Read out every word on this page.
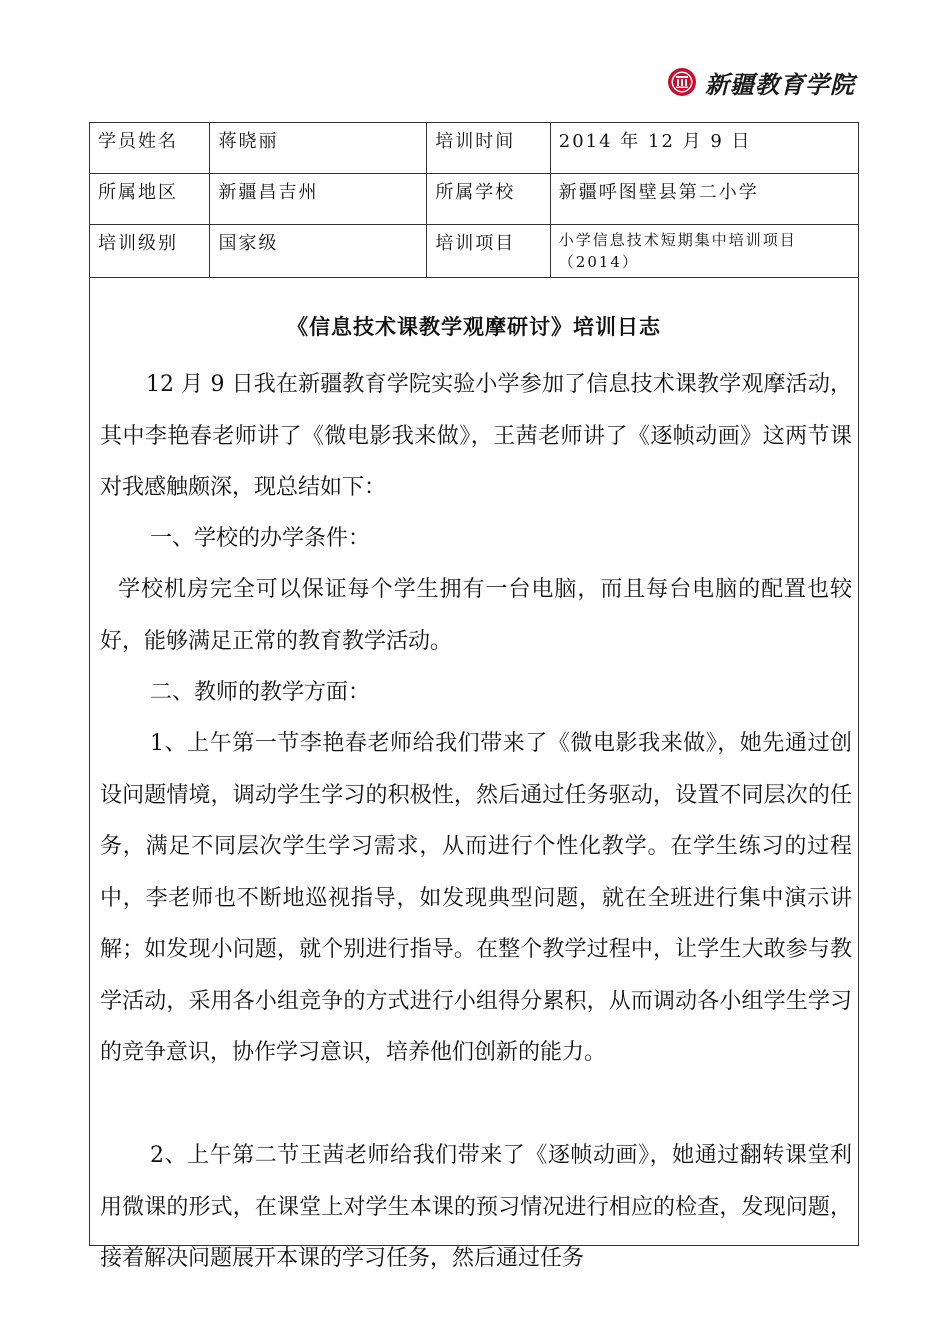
新疆教育学院
学员姓名	蒋晓丽	培训时间	2014 年 12 月 9 日
所属地区	新疆昌吉州	所属学校	新疆呼图壁县第二小学
培训级别	国家级	培训项目	小学信息技术短期集中培训项目（2014）
《信息技术课教学观摩研讨》培训日志

12 月 9 日我在新疆教育学院实验小学参加了信息技术课教学观摩活动，其中李艳春老师讲了《微电影我来做》，王茜老师讲了《逐帧动画》这两节课对我感触颇深，现总结如下：

一、学校的办学条件：

学校机房完全可以保证每个学生拥有一台电脑，而且每台电脑的配置也较好，能够满足正常的教育教学活动。

二、教师的教学方面：

1、上午第一节李艳春老师给我们带来了《微电影我来做》，她先通过创设问题情境，调动学生学习的积极性，然后通过任务驱动，设置不同层次的任务，满足不同层次学生学习需求，从而进行个性化教学。在学生练习的过程中，李老师也不断地巡视指导，如发现典型问题，就在全班进行集中演示讲解；如发现小问题，就个别进行指导。在整个教学过程中，让学生大敢参与教学活动，采用各小组竞争的方式进行小组得分累积，从而调动各小组学生学习的竞争意识，协作学习意识，培养他们创新的能力。

2、上午第二节王茜老师给我们带来了《逐帧动画》，她通过翻转课堂利用微课的形式，在课堂上对学生本课的预习情况进行相应的检查，发现问题，接着解决问题展开本课的学习任务，然后通过任务
